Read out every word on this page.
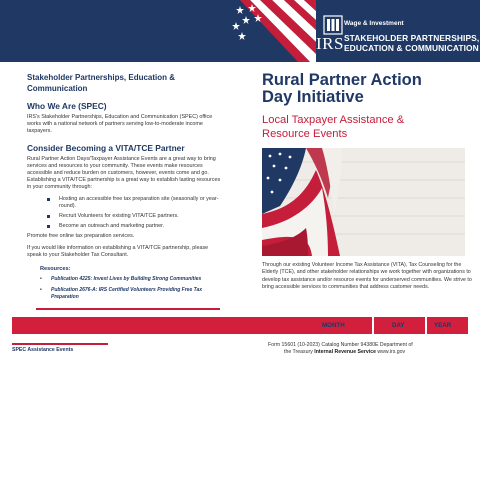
IRS
Wage & Investment
STAKEHOLDER PARTNERSHIPS,
EDUCATION & COMMUNICATION
Stakeholder Partnerships, Education &
Communication
Who We Are (SPEC)

IRS's Stakeholder Partnerships, Education and Communication (SPEC) office works with a national network of partners serving low-to-moderate income taxpayers.

Consider Becoming a VITA/TCE Partner

Rural Partner Action Days/Taxpayer Assistance Events are a great way to bring services and resources to your community. These events make resources accessible and reduce burden on customers, however, events come and go. Establishing a VITA/TCE partnership is a great way to establish lasting resources in your community through:

Hosting an accessible free tax preparation site (seasonally or year-round).
Recruit Volunteers for existing VITA/TCE partners.
Become an outreach and marketing partner.

Promote free online tax preparation services.

If you would like information on establishing a VITA/TCE partnership, please speak to your Stakeholder Tax Consultant.

Resources:
• Publication 4225: Invest Lives by Building Strong Communities
• Publication 2676-A: IRS Certified Volunteers Providing Free Tax Preparation
Rural Partner Action
Day Initiative
Local Taxpayer Assistance &
Resource Events

Through our existing Volunteer Income Tax Assistance (VITA), Tax Counseling for the Elderly (TCE), and other stakeholder relationships we work together with organizations to develop tax assistance and/or resource events for underserved communities. We strive to bring accessible services to communities that address customer needs.

MONTH	DAY	YEAR
SPEC Assistance Events
Form 15601 (10-2023) Catalog Number 94380E Department of
the Treasury Internal Revenue Service www.irs.gov
